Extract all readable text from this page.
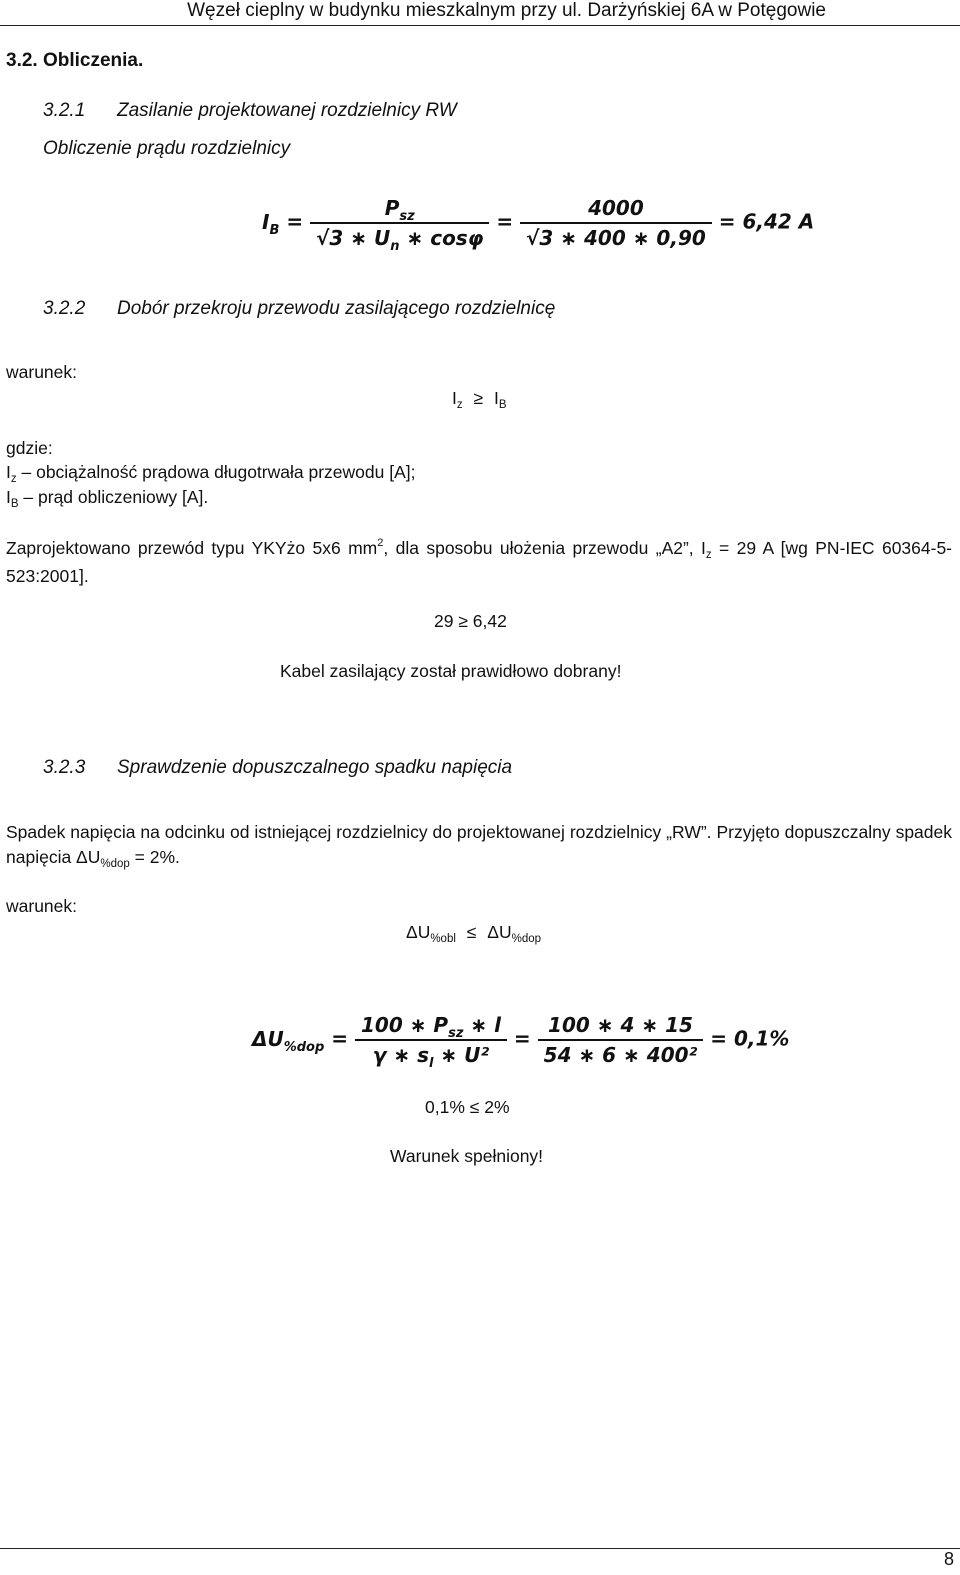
Węzeł cieplny w budynku mieszkalnym przy ul. Darżyńskiej 6A w Potęgowie
3.2. Obliczenia.
3.2.1 Zasilanie projektowanej rozdzielnicy RW
Obliczenie prądu rozdzielnicy
$I_B = \frac{P_{sz}}{√3 ∗ U_n ∗ \cos\varphi} = \frac{4000}{√3 ∗ 400 ∗ 0,90} = 6,42$ A
3.2.2 Dobór przekroju przewodu zasilającego rozdzielnicę
warunek:
$I_z \ge I_B$
gdzie:
$I_z$ – obciążalność prądowa długotrwała przewodu [A];
$I_B$ – prąd obliczeniowy [A].
Zaprojektowano przewód typu YKYżo 5x6 $mm^2$, dla sposobu ułożenia przewodu „A2”, $I_z = 29$ A [wg PN-IEC 60364-5-523:2001].
29 ≥ 6,42
Kabel zasilający został prawidłowo dobrany!
3.2.3 Sprawdzenie dopuszczalnego spadku napięcia
Spadek napięcia na odcinku od istniejącej rozdzielnicy do projektowanej rozdzielnicy „RW”. Przyjęto dopuszczalny spadek napięcia $\Delta U_{\%dop} = 2\%$.
warunek:
$\Delta U_{\%obl} \le \Delta U_{\%dop}$
$\Delta U_{\%dop} = \frac{100 ∗ P_{sz} ∗ l}{\gamma ∗ s_l ∗ U^2} = \frac{100 ∗ 4 ∗ 15}{\text{54 ∗ 6 ∗ 400²}} = 0,1\%$
0,1% ≤ 2%
Warunek spełniony!
8
